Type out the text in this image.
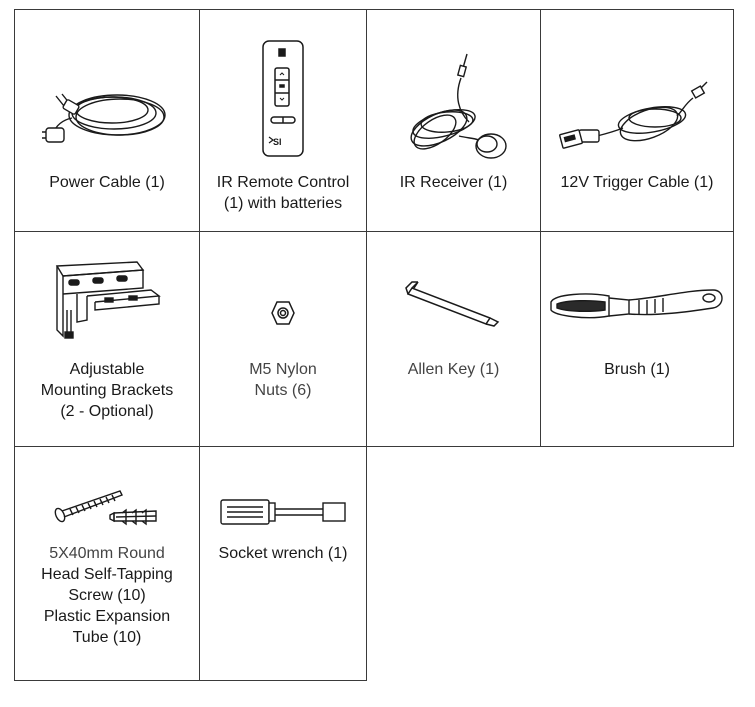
Power Cable (1)
SI
IR Remote Control
(1) with batteries
IR Receiver (1)	12V Trigger Cable (1)
Adjustable
Mounting Brackets
(2 - Optional)
M5 Nylon
Nuts (6)
Allen Key (1)	Brush (1)
5X40mm Round
Head Self-Tapping
Screw (10)
Plastic Expansion
Tube (10)
Socket wrench (1)
